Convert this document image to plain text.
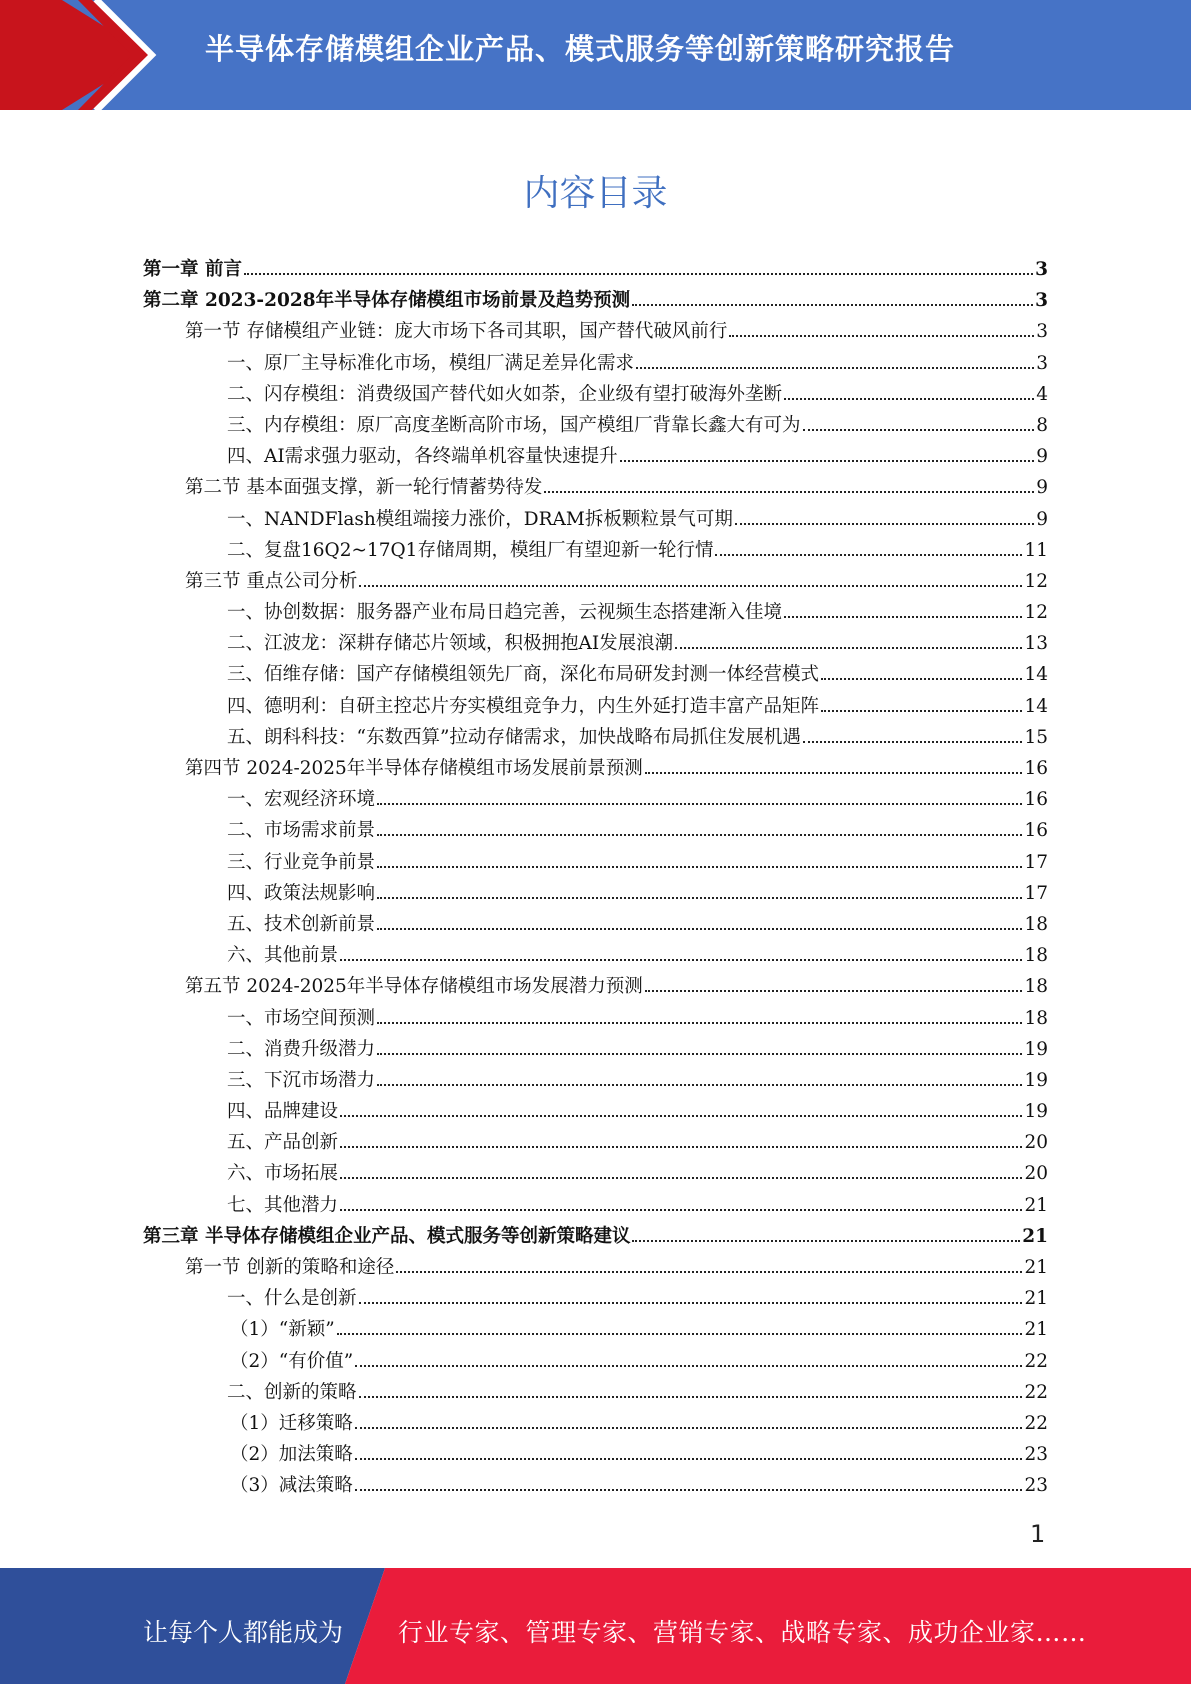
半导体存储模组企业产品、模式服务等创新策略研究报告
内容目录
第一章 前言	3
第二章 2023-2028年半导体存储模组市场前景及趋势预测	3
第一节 存储模组产业链：庞大市场下各司其职，国产替代破风前行	3
一、原厂主导标准化市场，模组厂满足差异化需求	3
二、闪存模组：消费级国产替代如火如荼，企业级有望打破海外垄断	4
三、内存模组：原厂高度垄断高阶市场，国产模组厂背靠长鑫大有可为	8
四、AI需求强力驱动，各终端单机容量快速提升	9
第二节 基本面强支撑，新一轮行情蓄势待发	9
一、NANDFlash模组端接力涨价，DRAM拆板颗粒景气可期	9
二、复盘16Q2~17Q1存储周期，模组厂有望迎新一轮行情	11
第三节 重点公司分析	12
一、协创数据：服务器产业布局日趋完善，云视频生态搭建渐入佳境	12
二、江波龙：深耕存储芯片领域，积极拥抱AI发展浪潮	13
三、佰维存储：国产存储模组领先厂商，深化布局研发封测一体经营模式	14
四、德明利：自研主控芯片夯实模组竞争力，内生外延打造丰富产品矩阵	14
五、朗科科技：“东数西算”拉动存储需求，加快战略布局抓住发展机遇	15
第四节 2024-2025年半导体存储模组市场发展前景预测	16
一、宏观经济环境	16
二、市场需求前景	16
三、行业竞争前景	17
四、政策法规影响	17
五、技术创新前景	18
六、其他前景	18
第五节 2024-2025年半导体存储模组市场发展潜力预测	18
一、市场空间预测	18
二、消费升级潜力	19
三、下沉市场潜力	19
四、品牌建设	19
五、产品创新	20
六、市场拓展	20
七、其他潜力	21
第三章 半导体存储模组企业产品、模式服务等创新策略建议	21
第一节 创新的策略和途径	21
一、什么是创新	21
（1）“新颖”	21
（2）“有价值”	22
二、创新的策略	22
（1）迁移策略	22
（2）加法策略	23
（3）减法策略	23
1
让每个人都能成为 行业专家、管理专家、营销专家、战略专家、成功企业家……
